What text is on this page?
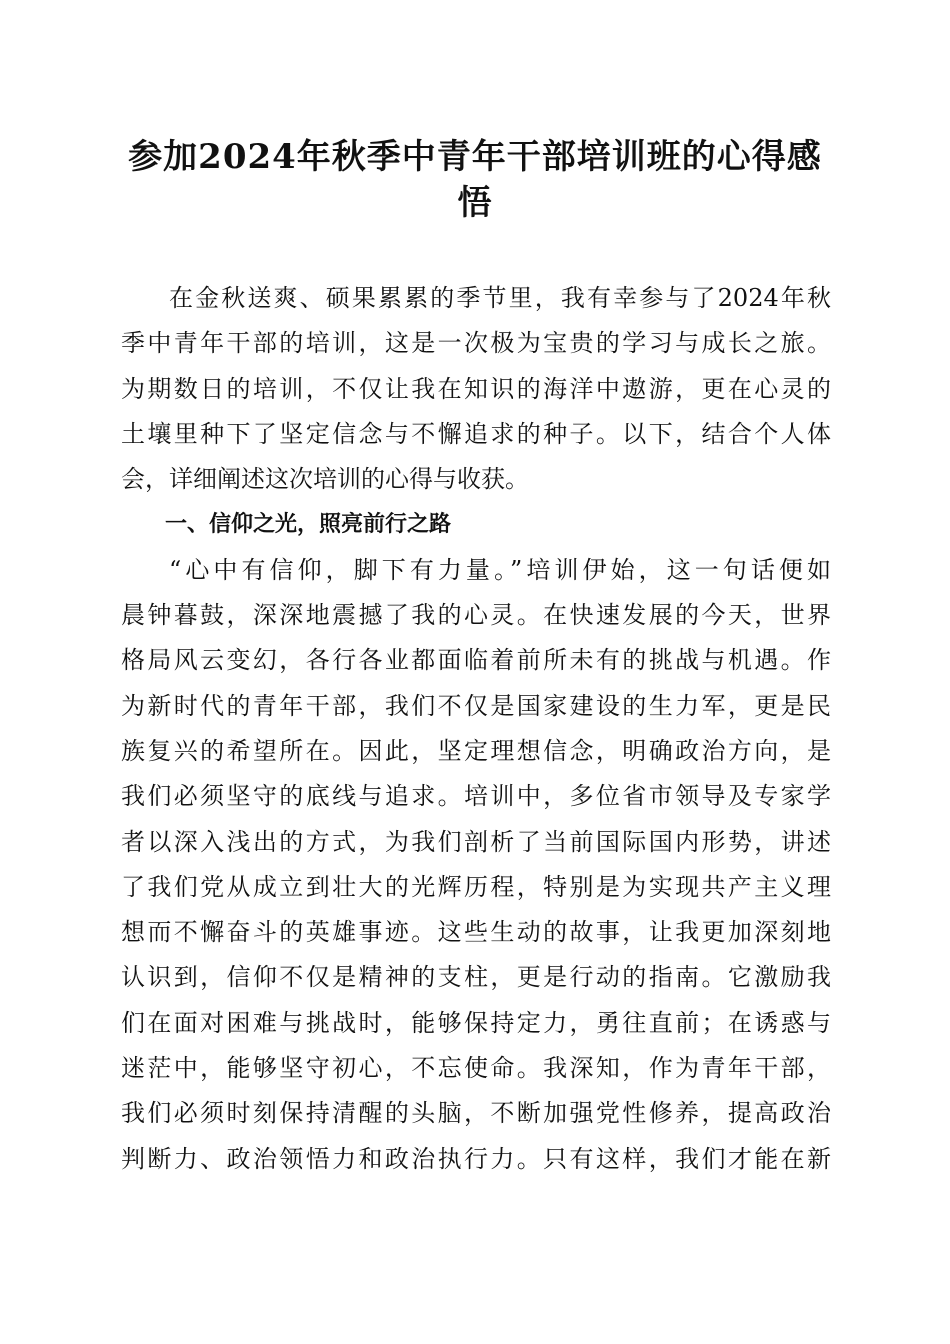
参加2024年秋季中青年干部培训班的心得感
悟
在金秋送爽、硕果累累的季节里，我有幸参与了2024年秋
季中青年干部的培训，这是一次极为宝贵的学习与成长之旅。
为期数日的培训，不仅让我在知识的海洋中遨游，更在心灵的
土壤里种下了坚定信念与不懈追求的种子。以下，结合个人体
会，详细阐述这次培训的心得与收获。
一、信仰之光，照亮前行之路
“心中有信仰，脚下有力量。”培训伊始，这一句话便如
晨钟暮鼓，深深地震撼了我的心灵。在快速发展的今天，世界
格局风云变幻，各行各业都面临着前所未有的挑战与机遇。作
为新时代的青年干部，我们不仅是国家建设的生力军，更是民
族复兴的希望所在。因此，坚定理想信念，明确政治方向，是
我们必须坚守的底线与追求。培训中，多位省市领导及专家学
者以深入浅出的方式，为我们剖析了当前国际国内形势，讲述
了我们党从成立到壮大的光辉历程，特别是为实现共产主义理
想而不懈奋斗的英雄事迹。这些生动的故事，让我更加深刻地
认识到，信仰不仅是精神的支柱，更是行动的指南。它激励我
们在面对困难与挑战时，能够保持定力，勇往直前；在诱惑与
迷茫中，能够坚守初心，不忘使命。我深知，作为青年干部，
我们必须时刻保持清醒的头脑，不断加强党性修养，提高政治
判断力、政治领悟力和政治执行力。只有这样，我们才能在新
